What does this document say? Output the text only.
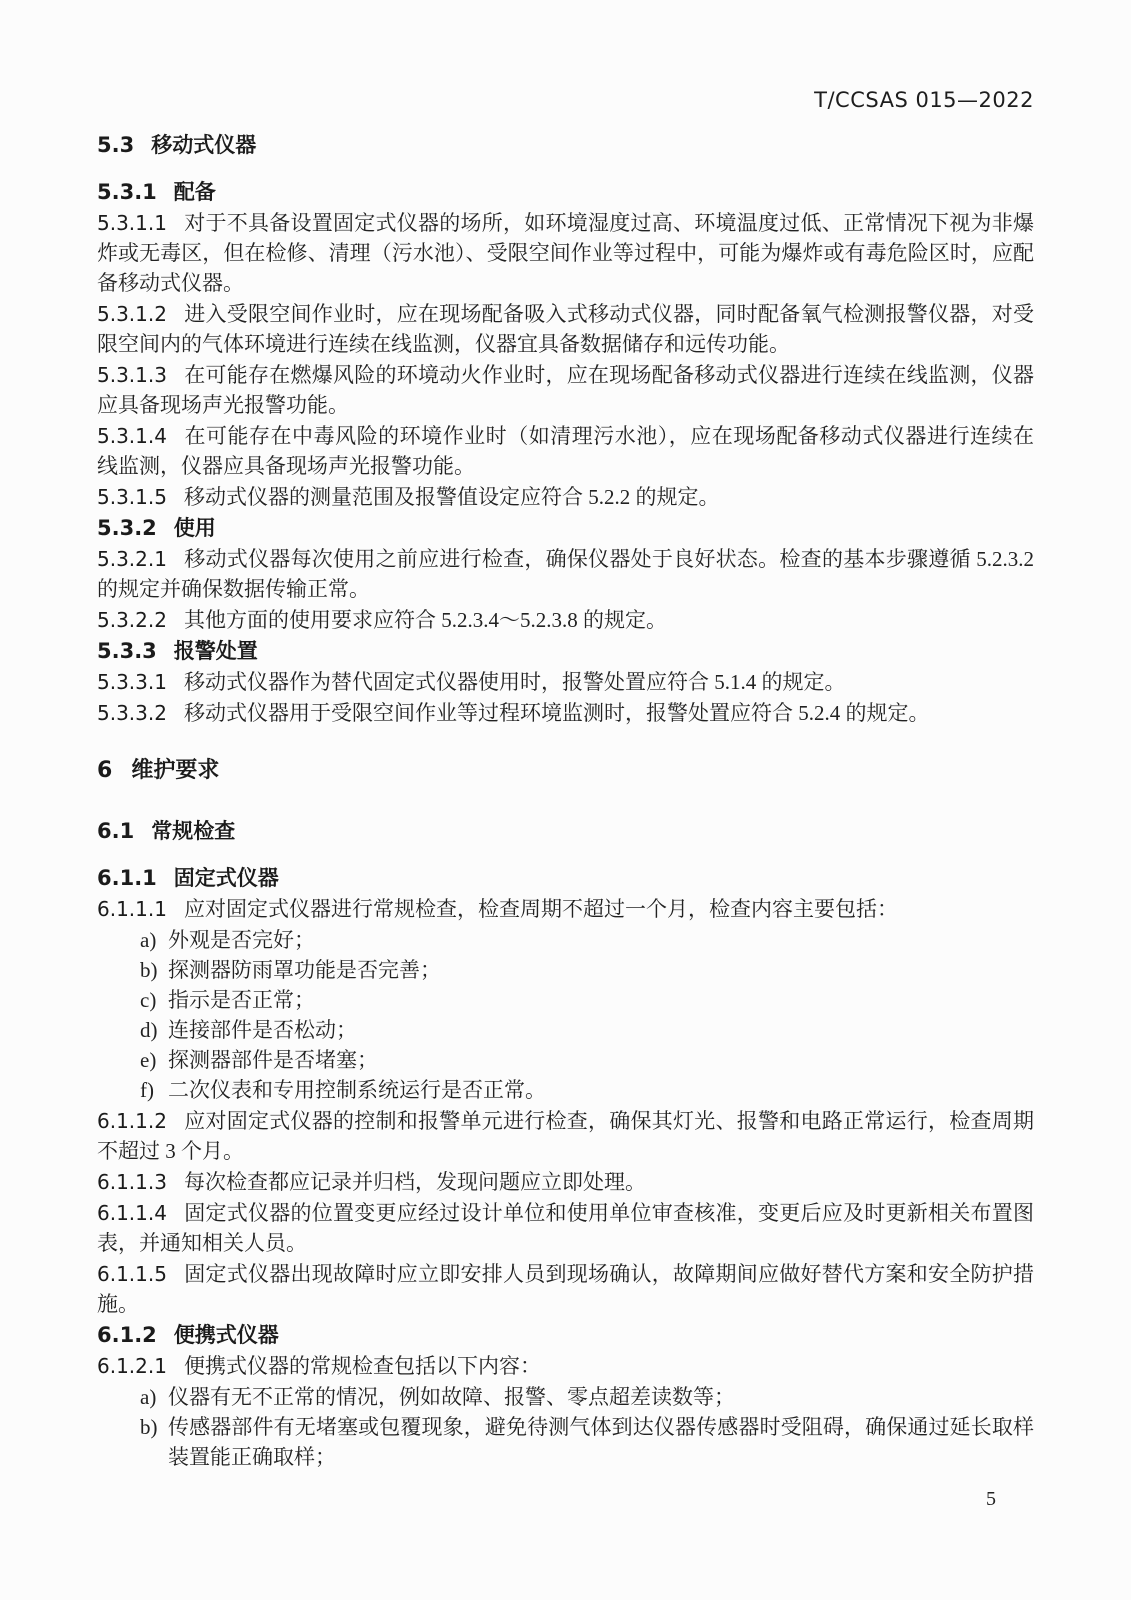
T/CCSAS 015—2022
5.3 移动式仪器
5.3.1 配备

5.3.1.1 对于不具备设置固定式仪器的场所，如环境湿度过高、环境温度过低、正常情况下视为非爆炸或无毒区，但在检修、清理（污水池）、受限空间作业等过程中，可能为爆炸或有毒危险区时，应配备移动式仪器。

5.3.1.2 进入受限空间作业时，应在现场配备吸入式移动式仪器，同时配备氧气检测报警仪器，对受限空间内的气体环境进行连续在线监测，仪器宜具备数据储存和远传功能。

5.3.1.3 在可能存在燃爆风险的环境动火作业时，应在现场配备移动式仪器进行连续在线监测，仪器应具备现场声光报警功能。

5.3.1.4 在可能存在中毒风险的环境作业时（如清理污水池），应在现场配备移动式仪器进行连续在线监测，仪器应具备现场声光报警功能。

5.3.1.5 移动式仪器的测量范围及报警值设定应符合 5.2.2 的规定。

5.3.2 使用

5.3.2.1 移动式仪器每次使用之前应进行检查，确保仪器处于良好状态。检查的基本步骤遵循 5.2.3.2 的规定并确保数据传输正常。

5.3.2.2 其他方面的使用要求应符合 5.2.3.4～5.2.3.8 的规定。

5.3.3 报警处置

5.3.3.1 移动式仪器作为替代固定式仪器使用时，报警处置应符合 5.1.4 的规定。

5.3.3.2 移动式仪器用于受限空间作业等过程环境监测时，报警处置应符合 5.2.4 的规定。

6 维护要求
6.1 常规检查
6.1.1 固定式仪器

6.1.1.1 应对固定式仪器进行常规检查，检查周期不超过一个月，检查内容主要包括：

a) 外观是否完好；
b) 探测器防雨罩功能是否完善；
c) 指示是否正常；
d) 连接部件是否松动；
e) 探测器部件是否堵塞；
f) 二次仪表和专用控制系统运行是否正常。

6.1.1.2 应对固定式仪器的控制和报警单元进行检查，确保其灯光、报警和电路正常运行，检查周期不超过 3 个月。

6.1.1.3 每次检查都应记录并归档，发现问题应立即处理。

6.1.1.4 固定式仪器的位置变更应经过设计单位和使用单位审查核准，变更后应及时更新相关布置图表，并通知相关人员。

6.1.1.5 固定式仪器出现故障时应立即安排人员到现场确认，故障期间应做好替代方案和安全防护措施。

6.1.2 便携式仪器

6.1.2.1 便携式仪器的常规检查包括以下内容：

a) 仪器有无不正常的情况，例如故障、报警、零点超差读数等；
b) 传感器部件有无堵塞或包覆现象，避免待测气体到达仪器传感器时受阻碍，确保通过延长取样装置能正确取样；
5
